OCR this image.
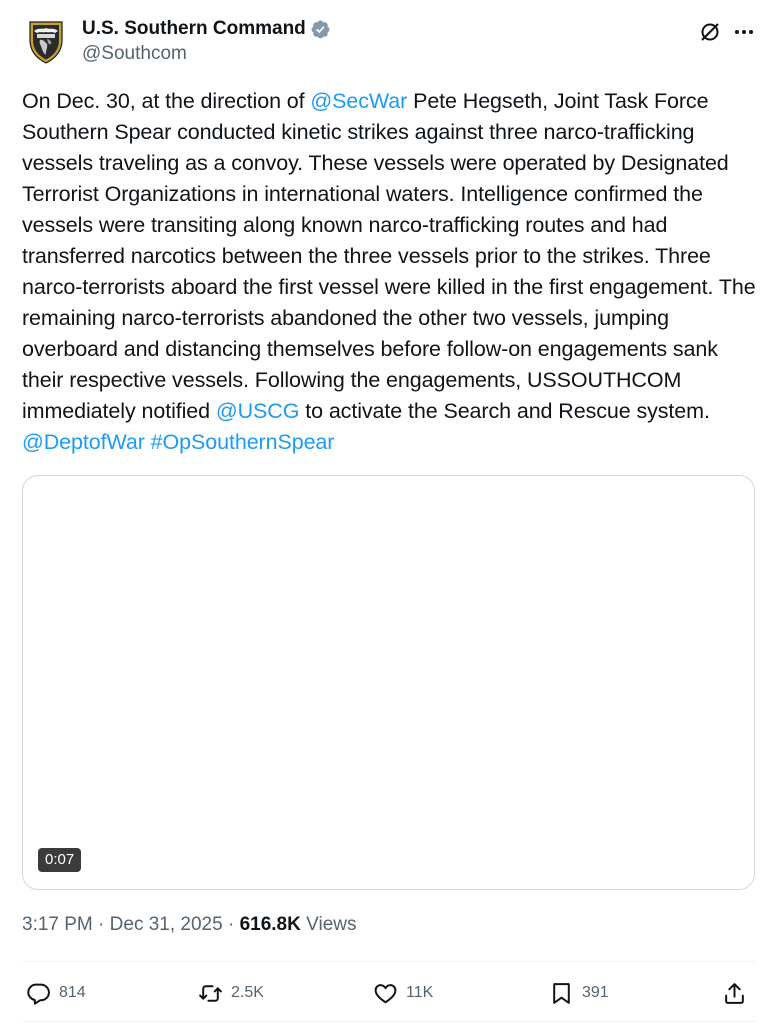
U.S. Southern Command
@Southcom
On Dec. 30, at the direction of @SecWar Pete Hegseth, Joint Task Force Southern Spear conducted kinetic strikes against three narco-trafficking vessels traveling as a convoy. These vessels were operated by Designated Terrorist Organizations in international waters. Intelligence confirmed the vessels were transiting along known narco-trafficking routes and had transferred narcotics between the three vessels prior to the strikes. Three narco-terrorists aboard the first vessel were killed in the first engagement. The remaining narco-terrorists abandoned the other two vessels, jumping overboard and distancing themselves before follow-on engagements sank their respective vessels. Following the engagements, USSOUTHCOM immediately notified @USCG to activate the Search and Rescue system. @DeptofWar #OpSouthernSpear
0:07
3:17 PM · Dec 31, 2025 · 616.8K Views
814	2.5K	11K	391
